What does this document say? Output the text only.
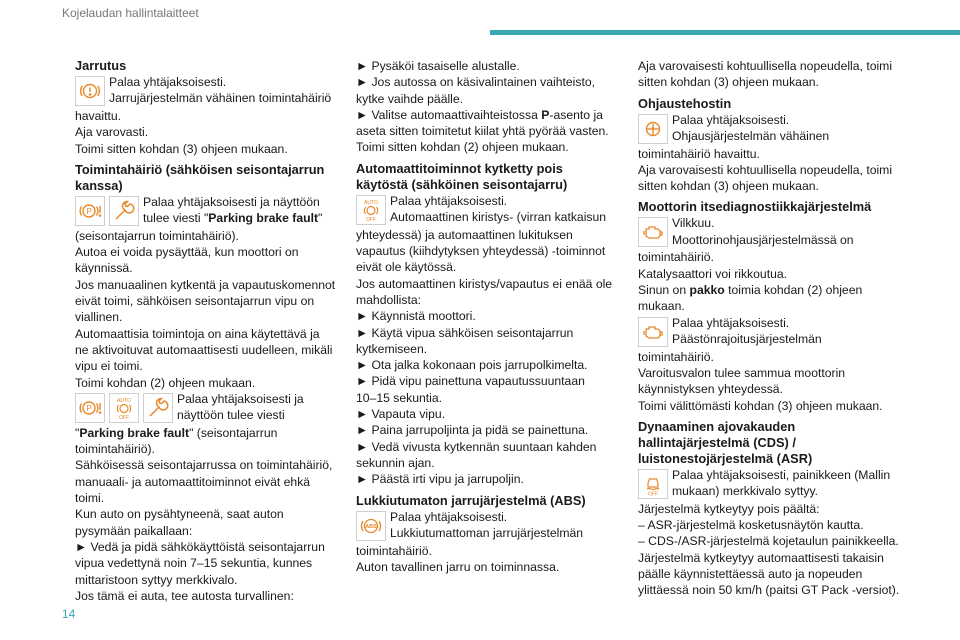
Kojelaudan hallintalaitteet

Jarrutus

Palaa yhtäjaksoisesti.

Jarrujärjestelmän vähäinen toimintahäiriö

havaittu.

Aja varovasti.

Toimi sitten kohdan (3) ohjeen mukaan.

Toimintahäiriö (sähköisen seisontajarrun kanssa)

P

Palaa yhtäjaksoisesti ja näyttöön

tulee viesti "Parking brake fault"

(seisontajarrun toimintahäiriö).

Autoa ei voida pysäyttää, kun moottori on

käynnissä.

Jos manuaalinen kytkentä ja vapautuskomennot

eivät toimi, sähköisen seisontajarrun vipu on

viallinen.

Automaattisia toimintoja on aina käytettävä ja

ne aktivoituvat automaattisesti uudelleen, mikäli

vipu ei toimi.

Toimi kohdan (2) ohjeen mukaan.

P
AUTO
OFF

Palaa yhtäjaksoisesti ja

näyttöön tulee viesti

"Parking brake fault" (seisontajarrun

toimintahäiriö).

Sähköisessä seisontajarrussa on toimintahäiriö,

manuaali- ja automaattitoiminnot eivät ehkä

toimi.

Kun auto on pysähtyneenä, saat auton

pysymään paikallaan:

► Vedä ja pidä sähkökäyttöistä seisontajarrun

vipua vedettynä noin 7–15 sekuntia, kunnes

mittaristoon syttyy merkkivalo.

Jos tämä ei auta, tee autosta turvallinen:

► Pysäköi tasaiselle alustalle.

► Jos autossa on käsivalintainen vaihteisto,

kytke vaihde päälle.

► Valitse automaattivaihteistossa P-asento ja

aseta sitten toimitetut kiilat yhtä pyörää vasten.

Toimi sitten kohdan (2) ohjeen mukaan.

Automaattitoiminnot kytketty pois käytöstä (sähköinen seisontajarru)

AUTO
OFF

Palaa yhtäjaksoisesti.

Automaattinen kiristys- (virran katkaisun

yhteydessä) ja automaattinen lukituksen

vapautus (kiihdytyksen yhteydessä) -toiminnot

eivät ole käytössä.

Jos automaattinen kiristys/vapautus ei enää ole

mahdollista:

► Käynnistä moottori.

► Käytä vipua sähköisen seisontajarrun

kytkemiseen.

► Ota jalka kokonaan pois jarrupolkimelta.

► Pidä vipu painettuna vapautussuuntaan

10–15 sekuntia.

► Vapauta vipu.

► Paina jarrupoljinta ja pidä se painettuna.

► Vedä vivusta kytkennän suuntaan kahden

sekunnin ajan.

► Päästä irti vipu ja jarrupoljin.

Lukkiutumaton jarrujärjestelmä (ABS)

ABS

Palaa yhtäjaksoisesti.

Lukkiutumattoman jarrujärjestelmän

toimintahäiriö.

Auton tavallinen jarru on toiminnassa.

Aja varovaisesti kohtuullisella nopeudella, toimi

sitten kohdan (3) ohjeen mukaan.

Ohjaustehostin

Palaa yhtäjaksoisesti.

Ohjausjärjestelmän vähäinen

toimintahäiriö havaittu.

Aja varovaisesti kohtuullisella nopeudella, toimi

sitten kohdan (3) ohjeen mukaan.

Moottorin itsediagnostiikkajärjestelmä

Vilkkuu.

Moottorinohjausjärjestelmässä on

toimintahäiriö.

Katalysaattori voi rikkoutua.

Sinun on pakko toimia kohdan (2) ohjeen

mukaan.

Palaa yhtäjaksoisesti.

Päästönrajoitusjärjestelmän

toimintahäiriö.

Varoitusvalon tulee sammua moottorin

käynnistyksen yhteydessä.

Toimi välittömästi kohdan (3) ohjeen mukaan.

Dynaaminen ajovakauden hallintajärjestelmä (CDS) / luistonestojärjestelmä (ASR)

OFF

Palaa yhtäjaksoisesti, painikkeen (Mallin

mukaan) merkkivalo syttyy.

Järjestelmä kytkeytyy pois päältä:

– ASR-järjestelmä kosketusnäytön kautta.

– CDS-/ASR-järjestelmä kojetaulun painikkeella.

Järjestelmä kytkeytyy automaattisesti takaisin

päälle käynnistettäessä auto ja nopeuden

ylittäessä noin 50 km/h (paitsi GT Pack -versiot).

14
